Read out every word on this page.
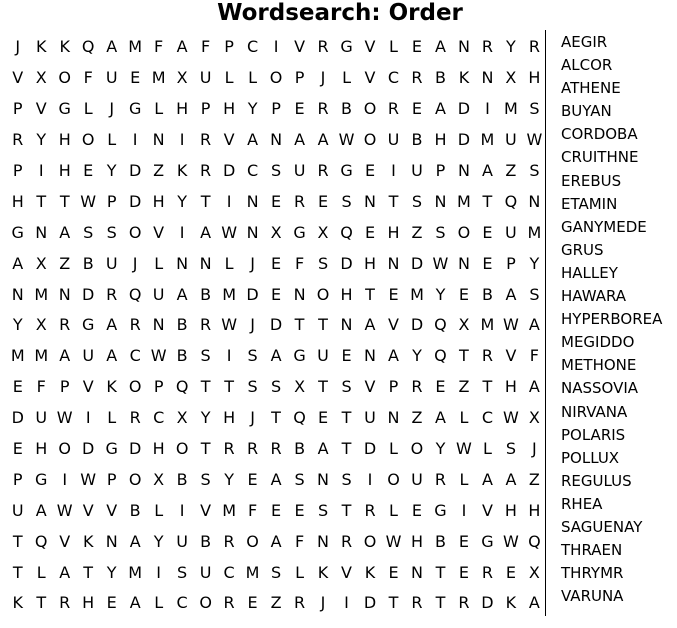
Wordsearch: Order
J K K Q A M F A F P C I V R G V L E A N R Y R
V X O F U E M X U L L O P	J	L V C R B K N X H
P V G L	J G L H P H Y P E R B O R E A D I M S
R Y H O L	I N I R V A N A A W O U B H D M U W
P	I H E Y D Z K R D C S U R G E	I U P N A Z S
H T T W P D H Y T	I N E R E S N T S N M T Q N
G N A S S O V I A W N X G X Q E H Z S O E U M
A X Z B U J	L N N L	J	E F S D H N D W N E P Y
N M N D R Q U A B M D E N O H T E M Y E B A S
Y X R G A R N B R W J D T T N A V D Q X M W A
M M A U A C W B S	I	S A G U E N A Y Q T R V F
E F P V K O P Q T T S S X T S V P R E Z T H A
D U W I	L R C X Y H J	T Q E T U N Z A L C W X
E H O D G D H O T R R R B A T D L O Y W L S	J
P G I W P O X B S Y E A S N S	I O U R L A A Z
U A W V V B L	I V M F E E S T R L E G I V H H
T Q V K N A Y U B R O A F N R O W H B E G W Q
T L A T Y M I	S U C M S L K V K E N T E R E X
K T R H E A L C O R E Z R J	I D T R T R D K A
AEGIR
ALCOR
ATHENE
BUYAN
CORDOBA
CRUITHNE
EREBUS
ETAMIN
GANYMEDE
GRUS
HALLEY
HAWARA
HYPERBOREA
MEGIDDO
METHONE
NASSOVIA
NIRVANA
POLARIS
POLLUX
REGULUS
RHEA
SAGUENAY
THRAEN
THRYMR
VARUNA
